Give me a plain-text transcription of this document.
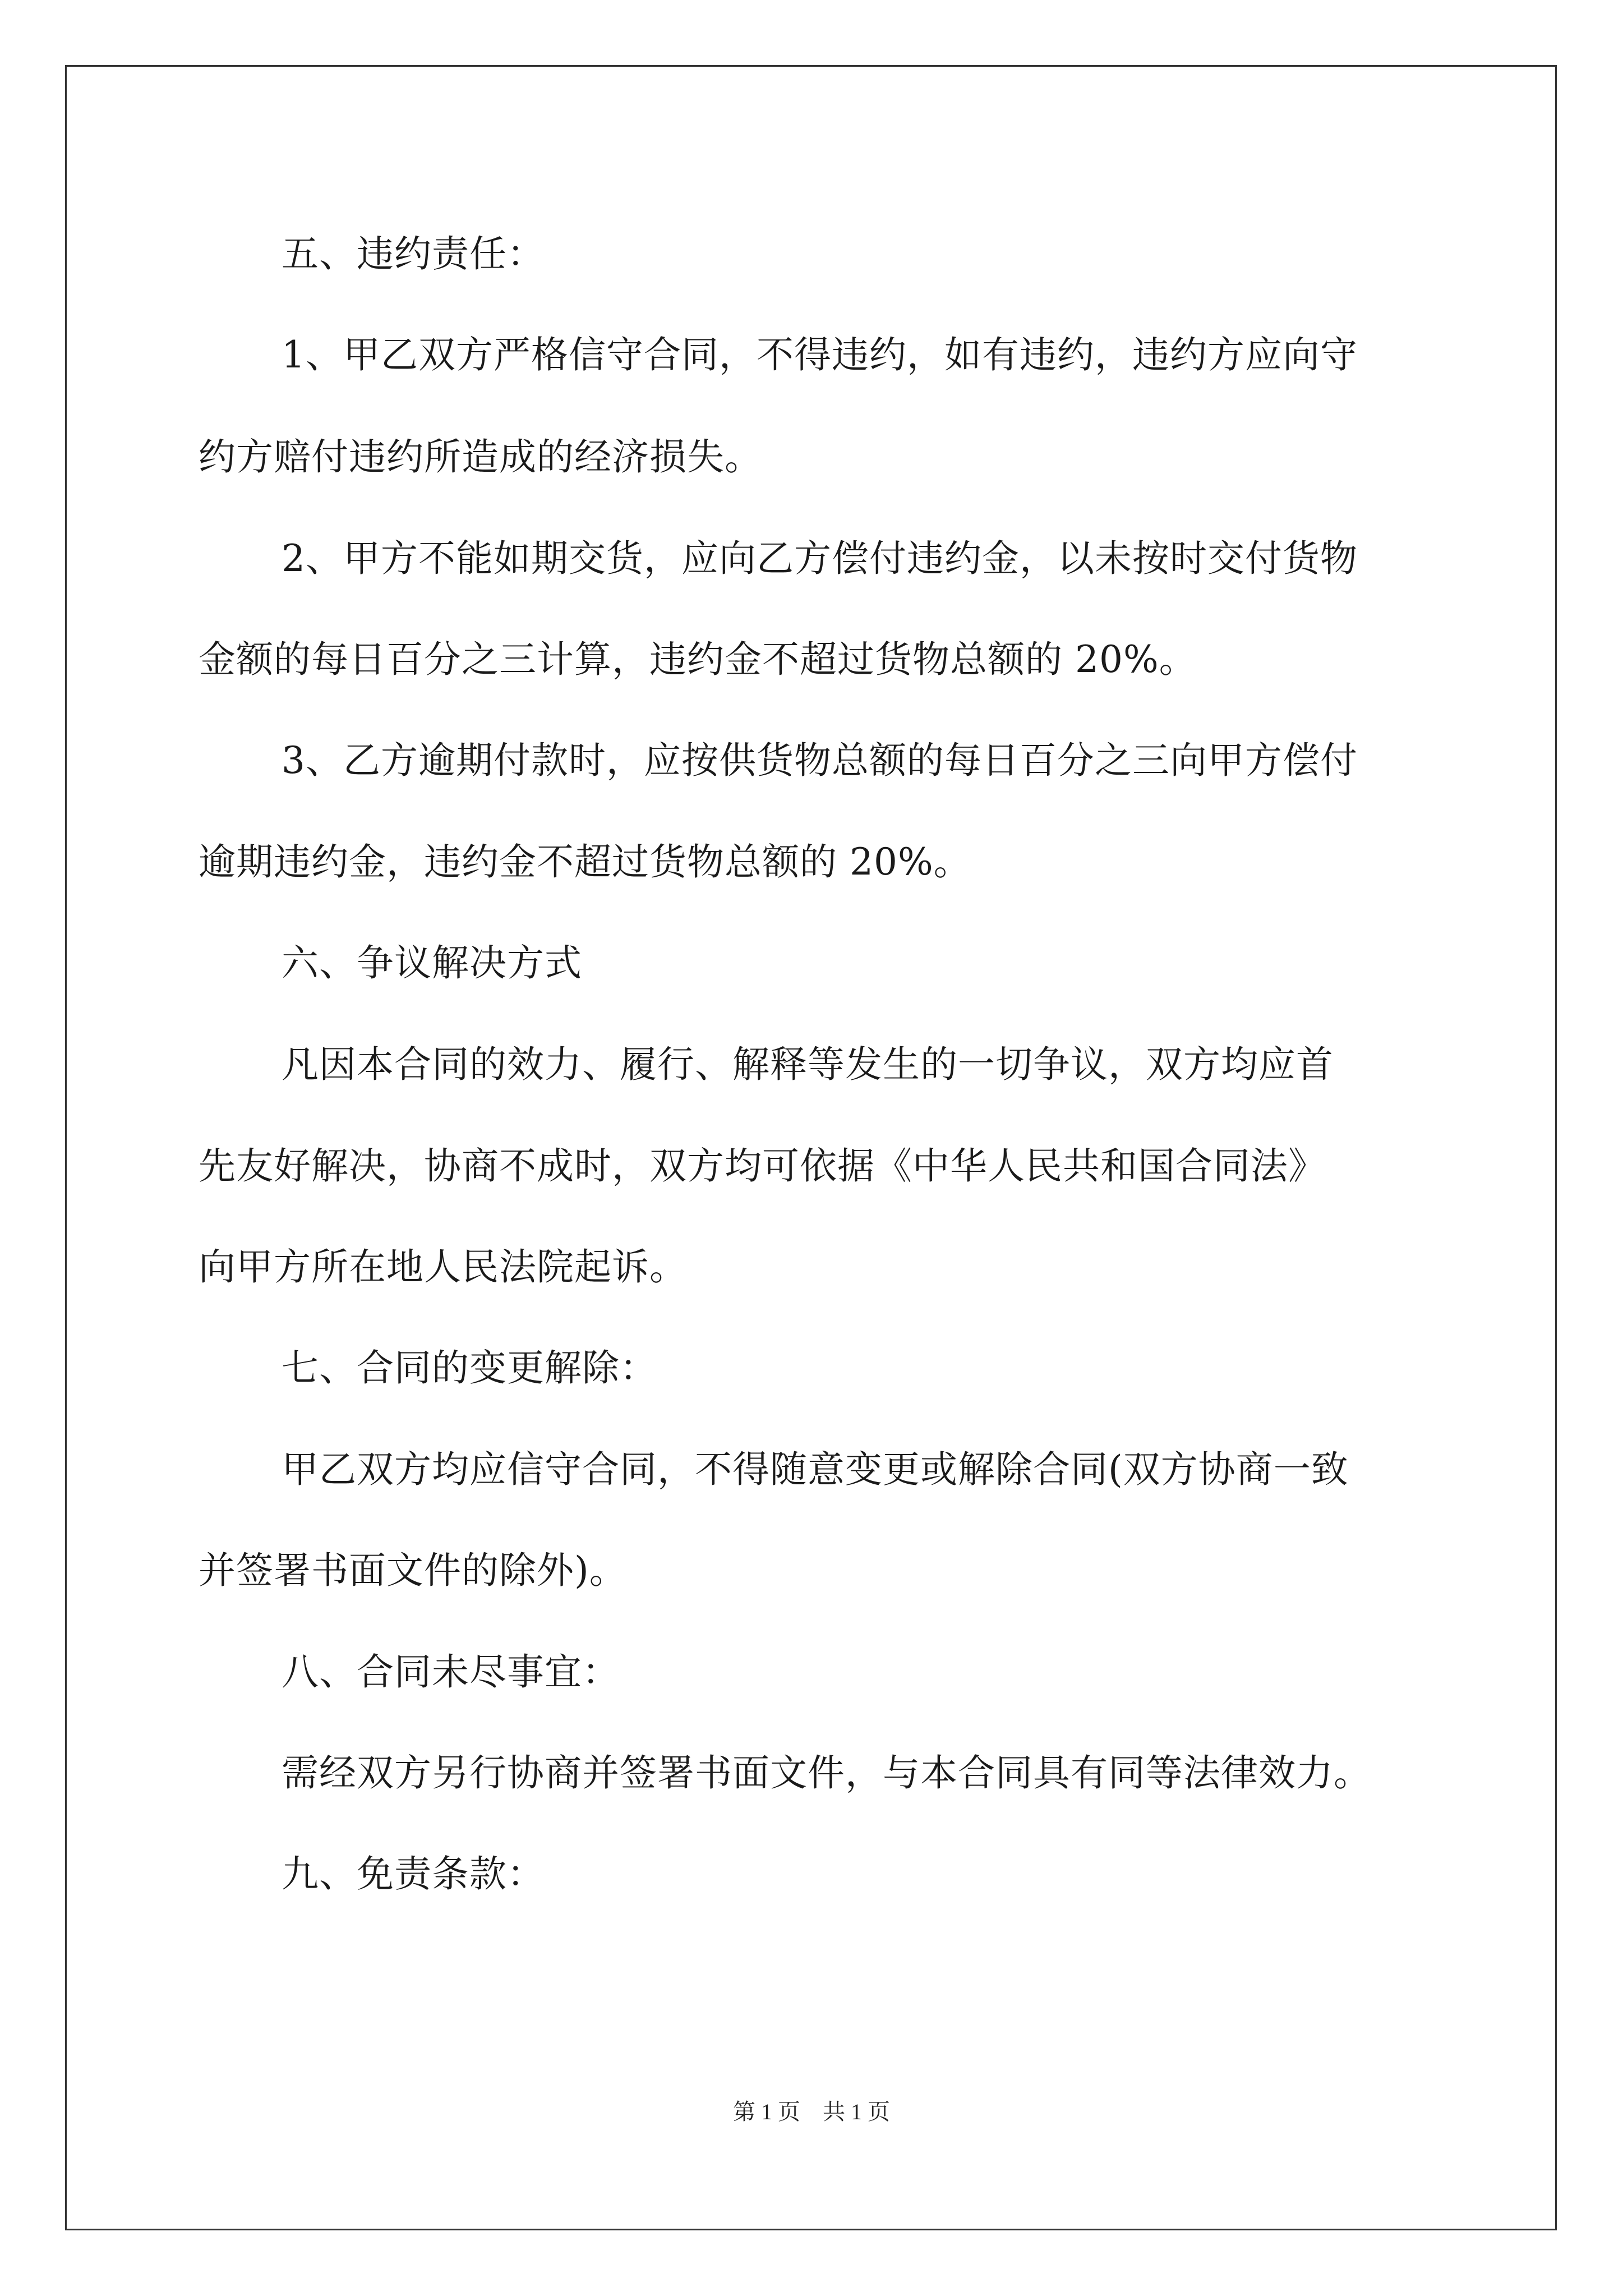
五、违约责任：
1、甲乙双方严格信守合同，不得违约，如有违约，违约方应向守
约方赔付违约所造成的经济损失。
2、甲方不能如期交货，应向乙方偿付违约金，以未按时交付货物
金额的每日百分之三计算，违约金不超过货物总额的 20%。
3、乙方逾期付款时，应按供货物总额的每日百分之三向甲方偿付
逾期违约金，违约金不超过货物总额的 20%。
六、争议解决方式
凡因本合同的效力、履行、解释等发生的一切争议，双方均应首
先友好解决，协商不成时，双方均可依据《中华人民共和国合同法》
向甲方所在地人民法院起诉。
七、合同的变更解除：
甲乙双方均应信守合同，不得随意变更或解除合同(双方协商一致
并签署书面文件的除外)。
八、合同未尽事宜：
需经双方另行协商并签署书面文件，与本合同具有同等法律效力。
九、免责条款：
第 1 页 共 1 页
